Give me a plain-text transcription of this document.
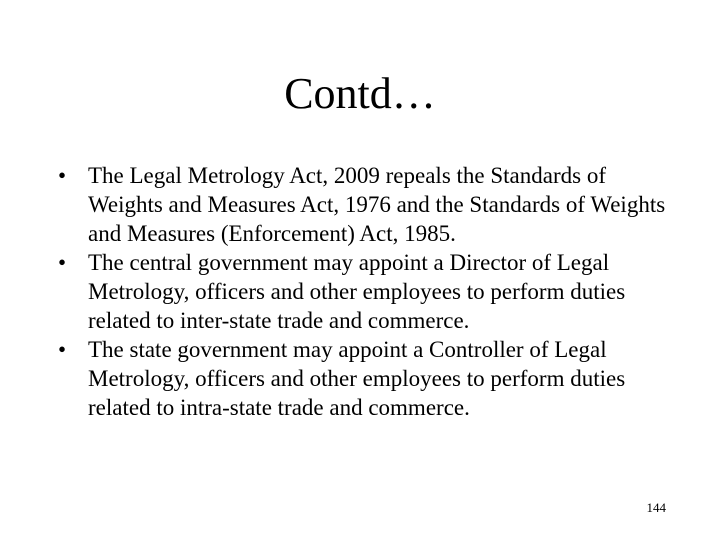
Contd…
• The Legal Metrology Act, 2009 repeals the Standards of Weights and Measures Act, 1976 and the Standards of Weights and Measures (Enforcement) Act, 1985.
• The central government may appoint a Director of Legal Metrology, officers and other employees to perform duties related to inter-state trade and commerce.
• The state government may appoint a Controller of Legal Metrology, officers and other employees to perform duties related to intra-state trade and commerce.
144
